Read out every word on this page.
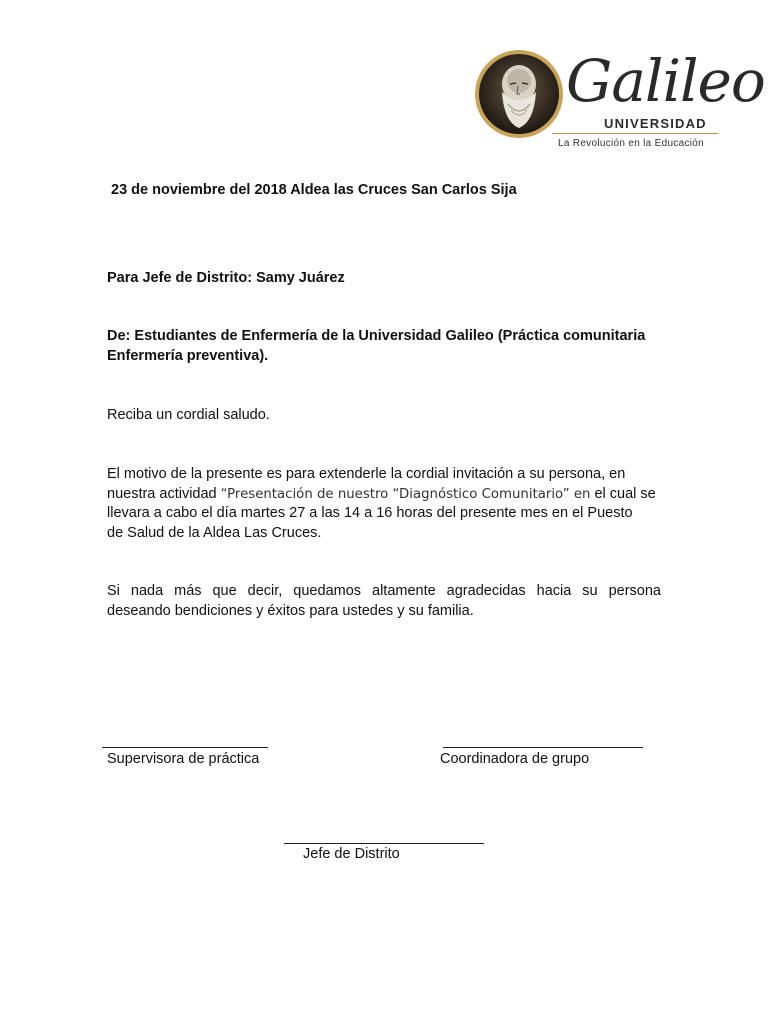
Galileo
UNIVERSIDAD
La Revolución en la Educación
23 de noviembre del 2018 Aldea las Cruces San Carlos Sija
Para Jefe de Distrito: Samy Juárez
De: Estudiantes de Enfermería de la Universidad Galileo (Práctica comunitaria
Enfermería preventiva).
Reciba un cordial saludo.
El motivo de la presente es para extenderle la cordial invitación a su persona, en
nuestra actividad “Presentación de nuestro “Diagnóstico Comunitario” en el cual se
llevara a cabo el día martes 27 a las 14 a 16 horas del presente mes en el Puesto
de Salud de la Aldea Las Cruces.
Si nada más que decir, quedamos altamente agradecidas hacia su persona
deseando bendiciones y éxitos para ustedes y su familia.
Supervisora de práctica	Coordinadora de grupo
Jefe de Distrito
